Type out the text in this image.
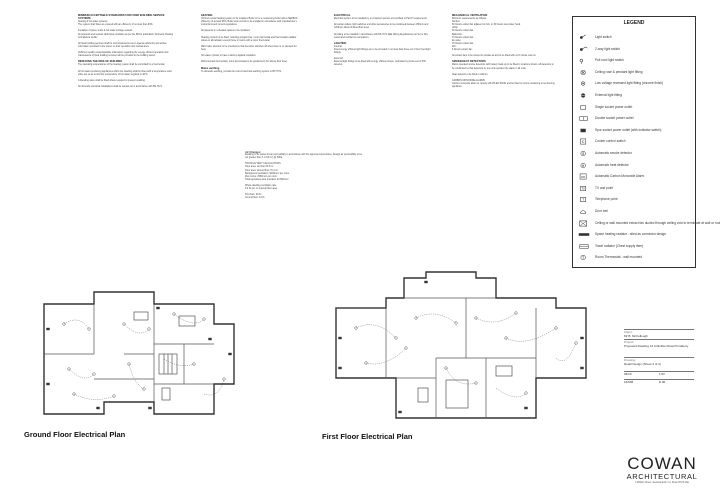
MINIMUM ACCEPTABLE STANDARDS FOR FIXED BUILDING SERVICE SYSTEMS:

Heating & hot water systems:
The system shall have an ensured with an efficiency of not less than 93%.

Insulation of pipes, ducts & hot water storage vessels:
All pipework and vessels shall have insulation as per the BCLG publication 'Domestic Heating Compliance Guide'.

All fixed building services shall be commissioned so as to operate efficiently and written information provided to the owner on their operation and maintenance.

Sufficient readily understandable information regarding the energy efficient operation and maintenance of fixed building services will be provided to the building owner.

REDUCING THE RISK OF BUILDING

The operating temperatures of the heating system shall be controlled by a thermostat.

All hot water producing appliances within the dwelling shall be fitted with a temperature relief valve set so as to limit the temperature of hot water supplied to 48°C.

A blending valve shall be fitted where required to prevent scalding.

All domestic electrical installations shall be carried out in accordance with BS 7671.

HEATING

Oil fired central heating system to be installed. Boiler to be a condensing boiler with a SEDBUK efficiency of at least 93%. Boiler and controls to be installed in accordance with manufacturer's instructions and current regulations.

All pipework in unheated spaces to be insulated.

Heating controls to be fitted, including programmer, room thermostat and thermostatic radiator valves to all radiators except those in rooms with a room thermostat.

Main boiler interlock to be provided so that the boiler switches off when there is no demand for heat.

Hot water cylinder to have a factory-applied insulation.

Wall mounted thermostats, room thermostats to be positioned 1.5m above floor level.

Mains earthing

To domestic earthing, provide the current electrical earthing system to BS 7671.

ELECTRICAL

Electrical system to be installed by a competent person and certified to Part P requirements.

All socket outlets, light switches and other accessories to be positioned between 450mm and 1200mm above finished floor level.

All wiring to be installed in accordance with BS 7671 (IEE Wiring Regulations) and to be fully tested and certified on completion.

LIGHTING

Internal:
Fixed energy efficient light fittings are to be provided in not less than three out of four fixed light fittings.

External:
External light fittings to be fitted with energy efficient lamps, controlled by photo-cell or PIR detector.

MECHANICAL VENTILATION

Minimum requirements as follows:
Kitchen:
60 litres/s extract fan adjacent to hob, or 30 litres/s via cooker hood.
Utility:
30 litres/s extract fan.
Bathroom:
15 litres/s extract fan.
En-suite:
15 litres/s extract fan.
WC:
6 litres/s extract fan.

All extract fans to be ducted to outside air and to be fitted with a 15 minute overrun.

SMOKE/HEAT DETECTORS

Mains operated smoke detectors with battery back-up to be fitted in locations shown. All detectors to be interlinked so that detection by one unit operates the alarm in all units.

Heat detector to be fitted in kitchen.

CARBON MONOXIDE ALARMS
Carbon monoxide alarm to comply with BS EN 50291 and be fitted in rooms containing a fuel burning appliance.

Air Changes:

Dwelling to be tested for air permeability in accordance with the approved procedures. Design air permeability to be not greater than 7 m³/(h.m²) @ 50Pa.

TROCKLE VENT CALCULATIONS
Floor area: 1st floor 62.5 m²
Floor area: Ground floor 70.2 m²
Background ventilation: 5000mm² per room.
Wet rooms: 2500mm² per room.
Total equivalent area provided: 32,500mm²

Whole dwelling ventilation rate:
0.3 l/s per m² internal floor area.

First floor: 28 l/s
Ground floor: 23 l/s

LEGEND
Light switch
2-way light switch
Pull cord light switch
Ceiling rose & pendant light fitting
Low voltage recessed light fitting (chrome finish)
External light fitting
Single socket power outlet
Double socket power outlet
Spur socket power outlet (with indicator switch)
C	Cooker control switch
S	Automatic smoke detector
H	Automatic heat detector
CO	Automatic Carbon Monoxide Alarm
TV	TV and point
T	Telephone point
Door bell
Ceiling or wall mounted extract fan ducted through ceiling void to terminate at wall or roof
Space heating radiator - sited as connector design
Towel radiator (Chest supply item)
T	Room Thermostat - wall mounted
Ground Floor Electrical Plan	First Floor Electrical Plan
Client:
Mr B. McCullough
Project:
Proposed Dwelling 12 Ardmillan Road Portaferry
Drawing:
Detail Design (Sheet 4 of 4)
09/19	1:50
16/068	D.06
COWAN
ARCHITECTURAL
4 William Street, Newtownards, Co. Down BT23 4AE
